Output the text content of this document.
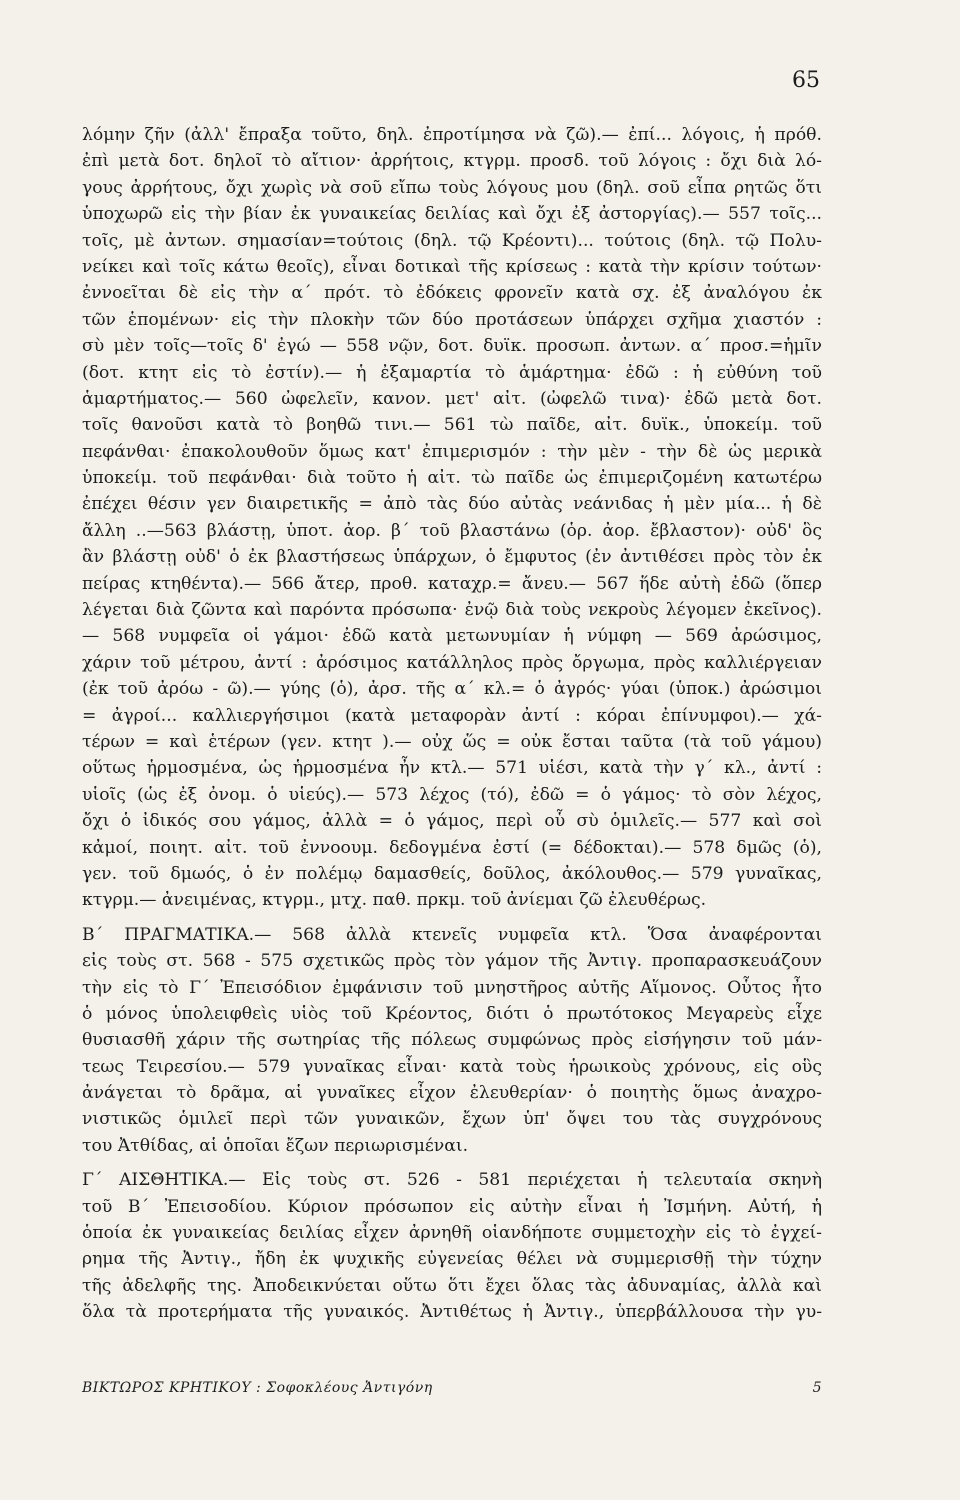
65
λόμην ζῆν (ἀλλ' ἔπραξα τοῦτο, δηλ. ἐπροτίμησα νὰ ζῶ).— ἐπί... λόγοις, ἡ πρόθ.
ἐπὶ μετὰ δοτ. δηλοῖ τὸ αἴτιον· ἀρρήτοις, κτγρμ. προσδ. τοῦ λόγοις : ὄχι διὰ λό-
γους ἀρρήτους, ὄχι χωρὶς νὰ σοῦ εἴπω τοὺς λόγους μου (δηλ. σοῦ εἶπα ρητῶς ὅτι
ὑποχωρῶ εἰς τὴν βίαν ἐκ γυναικείας δειλίας καὶ ὄχι ἐξ ἀστοργίας).— 557 τοῖς...
τοῖς, μὲ ἀντων. σημασίαν=τούτοις (δηλ. τῷ Κρέοντι)... τούτοις (δηλ. τῷ Πολυ-
νείκει καὶ τοῖς κάτω θεοῖς), εἶναι δοτικαὶ τῆς κρίσεως : κατὰ τὴν κρίσιν τούτων·
ἐννοεῖται δὲ εἰς τὴν α΄ πρότ. τὸ ἐδόκεις φρονεῖν κατὰ σχ. ἐξ ἀναλόγου ἐκ
τῶν ἑπομένων· εἰς τὴν πλοκὴν τῶν δύο προτάσεων ὑπάρχει σχῆμα χιαστόν :
σὺ μὲν τοῖς—τοῖς δ' ἐγώ — 558 νῷν, δοτ. δυϊκ. προσωπ. ἀντων. α΄ προσ.=ἡμῖν
(δοτ. κτητ εἰς τὸ ἐστίν).— ἡ ἐξαμαρτία τὸ ἁμάρτημα· ἐδῶ : ἡ εὐθύνη τοῦ
ἁμαρτήματος.— 560 ὠφελεῖν, κανον. μετ' αἰτ. (ὠφελῶ τινα)· ἐδῶ μετὰ δοτ.
τοῖς θανοῦσι κατὰ τὸ βοηθῶ τινι.— 561 τὼ παῖδε, αἰτ. δυϊκ., ὑποκείμ. τοῦ
πεφάνθαι· ἐπακολουθοῦν ὅμως κατ' ἐπιμερισμόν : τὴν μὲν - τὴν δὲ ὡς μερικὰ
ὑποκείμ. τοῦ πεφάνθαι· διὰ τοῦτο ἡ αἰτ. τὼ παῖδε ὡς ἐπιμεριζομένη κατωτέρω
ἐπέχει θέσιν γεν διαιρετικῆς = ἀπὸ τὰς δύο αὐτὰς νεάνιδας ἡ μὲν μία... ἡ δὲ
ἄλλη ..—563 βλάστῃ, ὑποτ. ἀορ. β΄ τοῦ βλαστάνω (ὁρ. ἀορ. ἔβλαστον)· οὐδ' ὃς
ἂν βλάστῃ οὐδ' ὁ ἐκ βλαστήσεως ὑπάρχων, ὁ ἔμφυτος (ἐν ἀντιθέσει πρὸς τὸν ἐκ
πείρας κτηθέντα).— 566 ἄτερ, προθ. καταχρ.= ἄνευ.— 567 ἥδε αὐτὴ ἐδῶ (ὅπερ
λέγεται διὰ ζῶντα καὶ παρόντα πρόσωπα· ἐνῷ διὰ τοὺς νεκροὺς λέγομεν ἐκεῖνος).
— 568 νυμφεῖα οἱ γάμοι· ἐδῶ κατὰ μετωνυμίαν ἡ νύμφη — 569 ἀρώσιμος,
χάριν τοῦ μέτρου, ἀντί : ἀρόσιμος κατάλληλος πρὸς ὄργωμα, πρὸς καλλιέργειαν
(ἐκ τοῦ ἀρόω - ῶ).— γύης (ὁ), ἀρσ. τῆς α΄ κλ.= ὁ ἀγρός· γύαι (ὑποκ.) ἀρώσιμοι
= ἀγροί... καλλιεργήσιμοι (κατὰ μεταφορὰν ἀντί : κόραι ἐπίνυμφοι).— χά-
τέρων = καὶ ἑτέρων (γεν. κτητ ).— οὐχ ὥς = οὐκ ἔσται ταῦτα (τὰ τοῦ γάμου)
οὕτως ἡρμοσμένα, ὡς ἡρμοσμένα ἦν κτλ.— 571 υἱέσι, κατὰ τὴν γ΄ κλ., ἀντί :
υἱοῖς (ὡς ἐξ ὀνομ. ὁ υἱεύς).— 573 λέχος (τό), ἐδῶ = ὁ γάμος· τὸ σὸν λέχος,
ὄχι ὁ ἰδικός σου γάμος, ἀλλὰ = ὁ γάμος, περὶ οὗ σὺ ὁμιλεῖς.— 577 καὶ σοὶ
κἀμοί, ποιητ. αἰτ. τοῦ ἐννοουμ. δεδογμένα ἐστί (= δέδοκται).— 578 δμῶς (ὁ),
γεν. τοῦ δμωός, ὁ ἐν πολέμῳ δαμασθείς, δοῦλος, ἀκόλουθος.— 579 γυναῖκας,
κτγρμ.— ἀνειμένας, κτγρμ., μτχ. παθ. πρκμ. τοῦ ἀνίεμαι ζῶ ἐλευθέρως.
Β΄ ΠΡΑΓΜΑΤΙΚΑ.— 568 ἀλλὰ κτενεῖς νυμφεῖα κτλ. Ὅσα ἀναφέρονται
εἰς τοὺς στ. 568 - 575 σχετικῶς πρὸς τὸν γάμον τῆς Ἀντιγ. προπαρασκευάζουν
τὴν εἰς τὸ Γ΄ Ἐπεισόδιον ἐμφάνισιν τοῦ μνηστῆρος αὐτῆς Αἵμονος. Οὗτος ἦτο
ὁ μόνος ὑπολειφθεὶς υἱὸς τοῦ Κρέοντος, διότι ὁ πρωτότοκος Μεγαρεὺς εἶχε
θυσιασθῆ χάριν τῆς σωτηρίας τῆς πόλεως συμφώνως πρὸς εἰσήγησιν τοῦ μάν-
τεως Τειρεσίου.— 579 γυναῖκας εἶναι· κατὰ τοὺς ἡρωικοὺς χρόνους, εἰς οὓς
ἀνάγεται τὸ δρᾶμα, αἱ γυναῖκες εἶχον ἐλευθερίαν· ὁ ποιητὴς ὅμως ἀναχρο-
νιστικῶς ὁμιλεῖ περὶ τῶν γυναικῶν, ἔχων ὑπ' ὄψει του τὰς συγχρόνους
του Ἀτθίδας, αἱ ὁποῖαι ἔζων περιωρισμέναι.
Γ΄ ΑΙΣΘΗΤΙΚΑ.— Εἰς τοὺς στ. 526 - 581 περιέχεται ἡ τελευταία σκηνὴ
τοῦ Β΄ Ἐπεισοδίου. Κύριον πρόσωπον εἰς αὐτὴν εἶναι ἡ Ἰσμήνη. Αὐτή, ἡ
ὁποία ἐκ γυναικείας δειλίας εἶχεν ἀρνηθῆ οἱανδήποτε συμμετοχὴν εἰς τὸ ἐγχεί-
ρημα τῆς Ἀντιγ., ἤδη ἐκ ψυχικῆς εὐγενείας θέλει νὰ συμμερισθῇ τὴν τύχην
τῆς ἀδελφῆς της. Ἀποδεικνύεται οὕτω ὅτι ἔχει ὅλας τὰς ἀδυναμίας, ἀλλὰ καὶ
ὅλα τὰ προτερήματα τῆς γυναικός. Ἀντιθέτως ἡ Ἀντιγ., ὑπερβάλλουσα τὴν γυ-
ΒΙΚΤΩΡΟΣ ΚΡΗΤΙΚΟΥ : Σοφοκλέους Ἀντιγόνη	5
